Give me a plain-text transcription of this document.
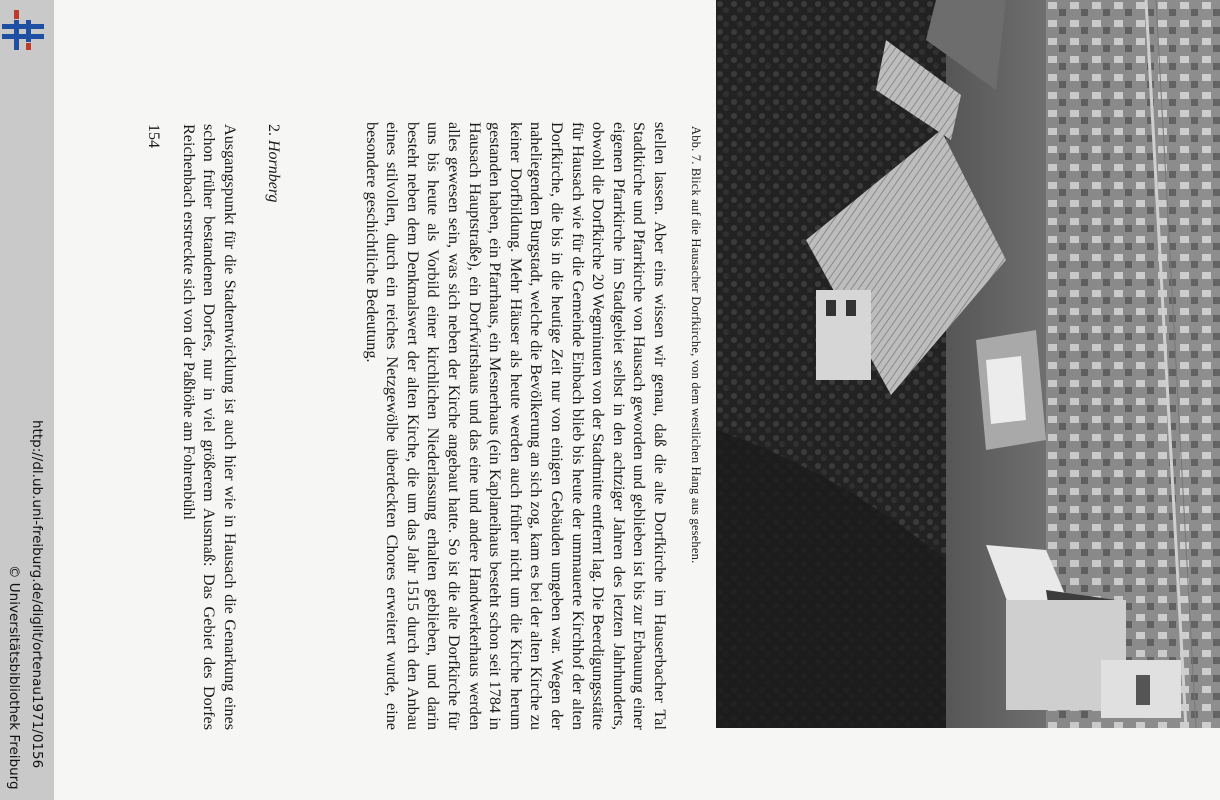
http://dl.ub.uni-freiburg.de/diglit/ortenau1971/0156
© Universitätsbibliothek Freiburg
Abb. 7. Blick auf die Hausacher Dorfkirche, von dem westlichen Hang aus gesehen.
stellen lassen. Aber eins wissen wir genau, daß die alte Dorfkirche im Hauserbacher Tal Stadtkirche und Pfarrkirche von Hausach geworden und geblieben ist bis zur Erbauung einer eigenen Pfarrkirche im Stadtgebiet selbst in den achtziger Jahren des letzten Jahrhunderts, obwohl die Dorfkirche 20 Wegminuten von der Stadtmitte entfernt lag. Die Beerdigungsstätte für Hausach wie für die Gemeinde Einbach blieb bis heute der ummauerte Kirchhof der alten Dorfkirche, die bis in die heutige Zeit nur von einigen Gebäuden umgeben war. Wegen der naheliegenden Burgstadt, welche die Bevölkerung an sich zog, kam es bei der alten Kirche zu keiner Dorfbildung. Mehr Häuser als heute werden auch früher nicht um die Kirche herum gestanden haben, ein Pfarrhaus, ein Mesnerhaus (ein Kaplaneihaus besteht schon seit 1784 in Hausach Hauptstraße), ein Dorfwirtshaus und das eine und andere Handwerkerhaus werden alles gewesen sein, was sich neben der Kirche angebaut hatte. So ist die alte Dorfkirche für uns bis heute als Vorbild einer kirchlichen Niederlassung erhalten geblieben, und darin besteht neben dem Denkmalswert der alten Kirche, die um das Jahr 1515 durch den Anbau eines stilvollen, durch ein reiches Netzgewölbe überdeckten Chores erweitert wurde, eine besondere geschichtliche Bedeutung.
2. Hornberg
Ausgangspunkt für die Stadtentwicklung ist auch hier wie in Hausach die Genarkung eines schon früher bestandenen Dorfes, nur in viel größerem Ausmaß: Das Gebiet des Dorfes Reichenbach erstreckte sich von der Paßhöhe am Fohrenbühl
154
